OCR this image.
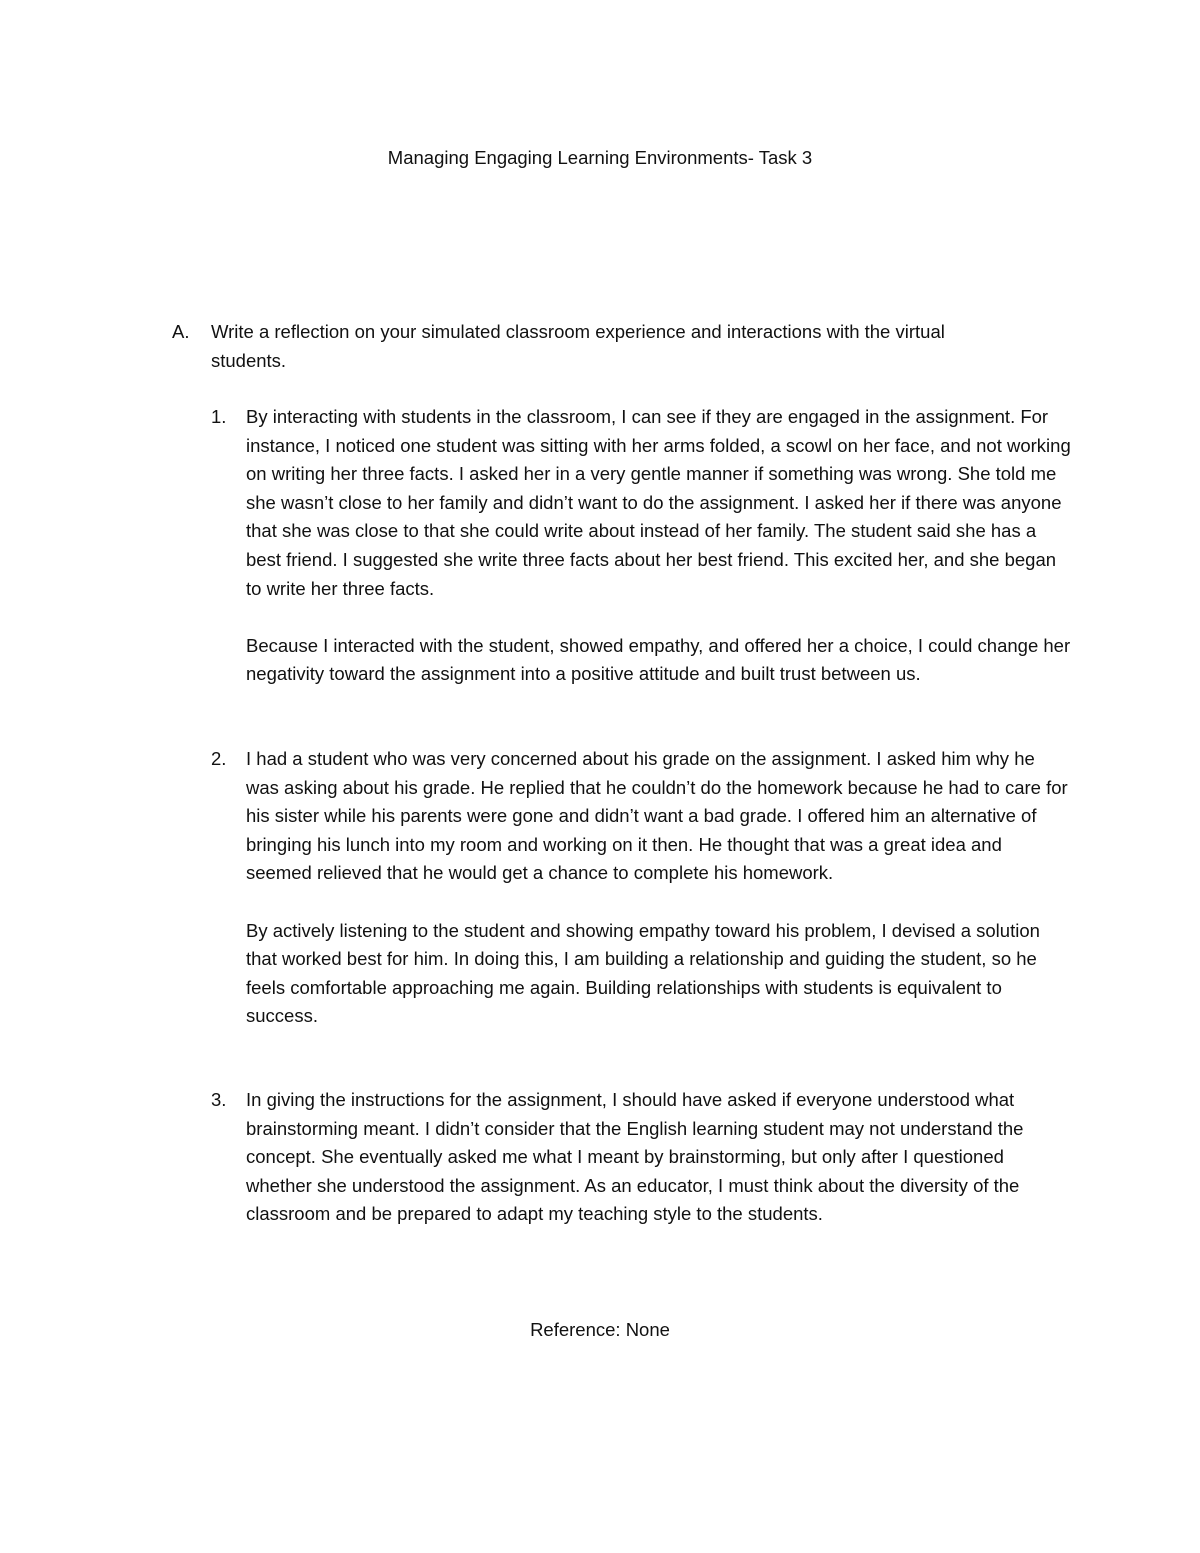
Managing Engaging Learning Environments- Task 3
A. Write a reflection on your simulated classroom experience and interactions with the virtual students.

1.	By interacting with students in the classroom, I can see if they are engaged in the assignment. For instance, I noticed one student was sitting with her arms folded, a scowl on her face, and not working on writing her three facts. I asked her in a very gentle manner if something was wrong. She told me she wasn’t close to her family and didn’t want to do the assignment. I asked her if there was anyone that she was close to that she could write about instead of her family. The student said she has a best friend. I suggested she write three facts about her best friend. This excited her, and she began to write her three facts.

Because I interacted with the student, showed empathy, and offered her a choice, I could change her negativity toward the assignment into a positive attitude and built trust between us.

2.	I had a student who was very concerned about his grade on the assignment. I asked him why he was asking about his grade. He replied that he couldn’t do the homework because he had to care for his sister while his parents were gone and didn’t want a bad grade. I offered him an alternative of bringing his lunch into my room and working on it then. He thought that was a great idea and seemed relieved that he would get a chance to complete his homework.

By actively listening to the student and showing empathy toward his problem, I devised a solution that worked best for him. In doing this, I am building a relationship and guiding the student, so he feels comfortable approaching me again. Building relationships with students is equivalent to success.

3.	In giving the instructions for the assignment, I should have asked if everyone understood what brainstorming meant. I didn’t consider that the English learning student may not understand the concept. She eventually asked me what I meant by brainstorming, but only after I questioned whether she understood the assignment. As an educator, I must think about the diversity of the classroom and be prepared to adapt my teaching style to the students.

Reference: None
